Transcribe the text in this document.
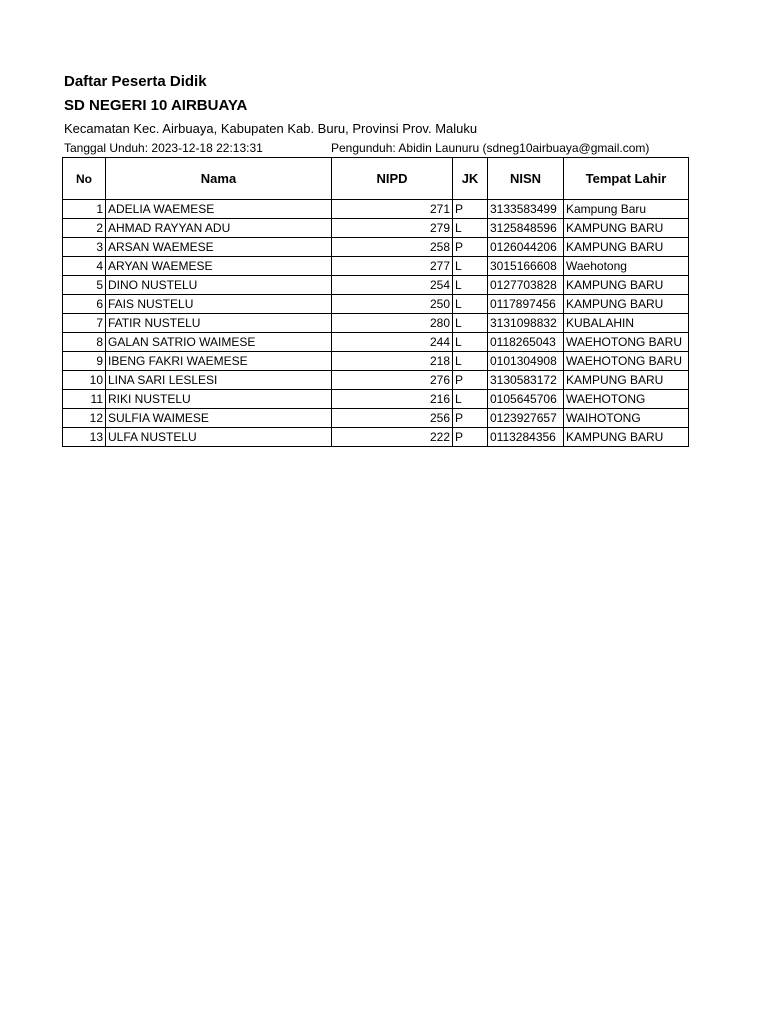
Daftar Peserta Didik
SD NEGERI 10 AIRBUAYA
Kecamatan Kec. Airbuaya, Kabupaten Kab. Buru, Provinsi Prov. Maluku
Tanggal Unduh: 2023-12-18 22:13:31	Pengunduh: Abidin Launuru (sdneg10airbuaya@gmail.com)
No	Nama	NIPD	JK	NISN	Tempat Lahir
1	ADELIA WAEMESE	271	P	3133583499	Kampung Baru
2	AHMAD RAYYAN ADU	279	L	3125848596	KAMPUNG BARU
3	ARSAN WAEMESE	258	P	0126044206	KAMPUNG BARU
4	ARYAN WAEMESE	277	L	3015166608	Waehotong
5	DINO NUSTELU	254	L	0127703828	KAMPUNG BARU
6	FAIS NUSTELU	250	L	0117897456	KAMPUNG BARU
7	FATIR NUSTELU	280	L	3131098832	KUBALAHIN
8	GALAN SATRIO WAIMESE	244	L	0118265043	WAEHOTONG BARU
9	IBENG FAKRI WAEMESE	218	L	0101304908	WAEHOTONG BARU
10	LINA SARI LESLESI	276	P	3130583172	KAMPUNG BARU
11	RIKI NUSTELU	216	L	0105645706	WAEHOTONG
12	SULFIA WAIMESE	256	P	0123927657	WAIHOTONG
13	ULFA NUSTELU	222	P	0113284356	KAMPUNG BARU
